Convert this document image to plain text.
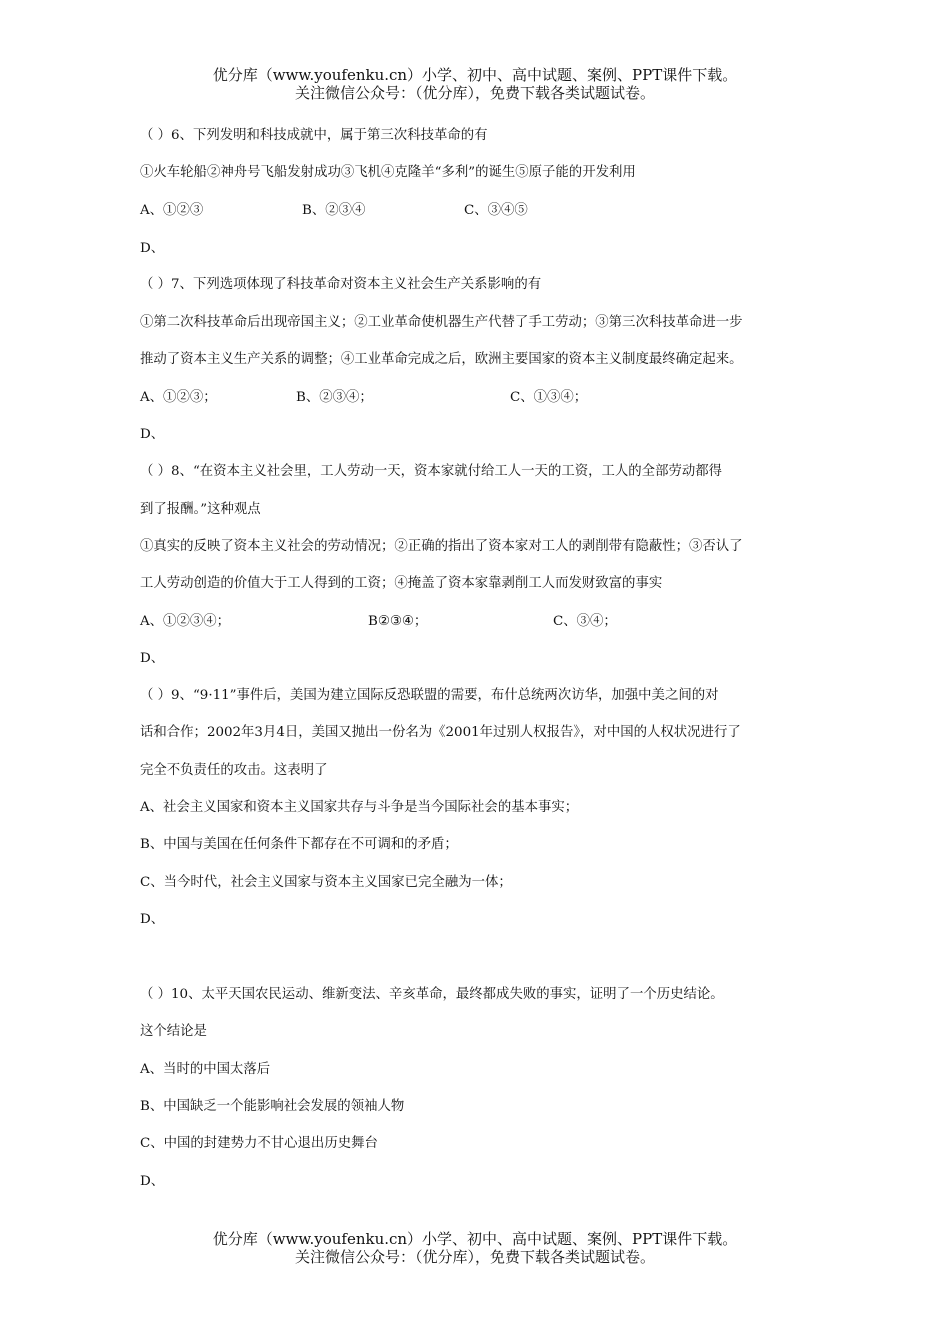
优分库（www.youfenku.cn）小学、初中、高中试题、案例、PPT课件下载。
关注微信公众号：（优分库），免费下载各类试题试卷。
（ ）6、下列发明和科技成就中，属于第三次科技革命的有
①火车轮船②神舟号飞船发射成功③飞机④克隆羊“多利”的诞生⑤原子能的开发利用
A、①②③	B、②③④	C、③④⑤
D、
（ ）7、下列选项体现了科技革命对资本主义社会生产关系影响的有
①第二次科技革命后出现帝国主义；②工业革命使机器生产代替了手工劳动；③第三次科技革命进一步
推动了资本主义生产关系的调整；④工业革命完成之后，欧洲主要国家的资本主义制度最终确定起来。
A、①②③；	B、②③④；	C、①③④；
D、
（ ）8、“在资本主义社会里，工人劳动一天，资本家就付给工人一天的工资，工人的全部劳动都得
到了报酬。”这种观点
①真实的反映了资本主义社会的劳动情况；②正确的指出了资本家对工人的剥削带有隐蔽性；③否认了
工人劳动创造的价值大于工人得到的工资；④掩盖了资本家靠剥削工人而发财致富的事实
A、①②③④；	B②③④；	C、③④；
D、
（ ）9、“9·11”事件后，美国为建立国际反恐联盟的需要，布什总统两次访华，加强中美之间的对
话和合作；2002年3月4日，美国又抛出一份名为《2001年过别人权报告》，对中国的人权状况进行了
完全不负责任的攻击。这表明了
A、社会主义国家和资本主义国家共存与斗争是当今国际社会的基本事实；
B、中国与美国在任何条件下都存在不可调和的矛盾；
C、当今时代，社会主义国家与资本主义国家已完全融为一体；
D、
（ ）10、太平天国农民运动、维新变法、辛亥革命，最终都成失败的事实，证明了一个历史结论。
这个结论是
A、当时的中国太落后
B、中国缺乏一个能影响社会发展的领袖人物
C、中国的封建势力不甘心退出历史舞台
D、
优分库（www.youfenku.cn）小学、初中、高中试题、案例、PPT课件下载。
关注微信公众号：（优分库），免费下载各类试题试卷。
